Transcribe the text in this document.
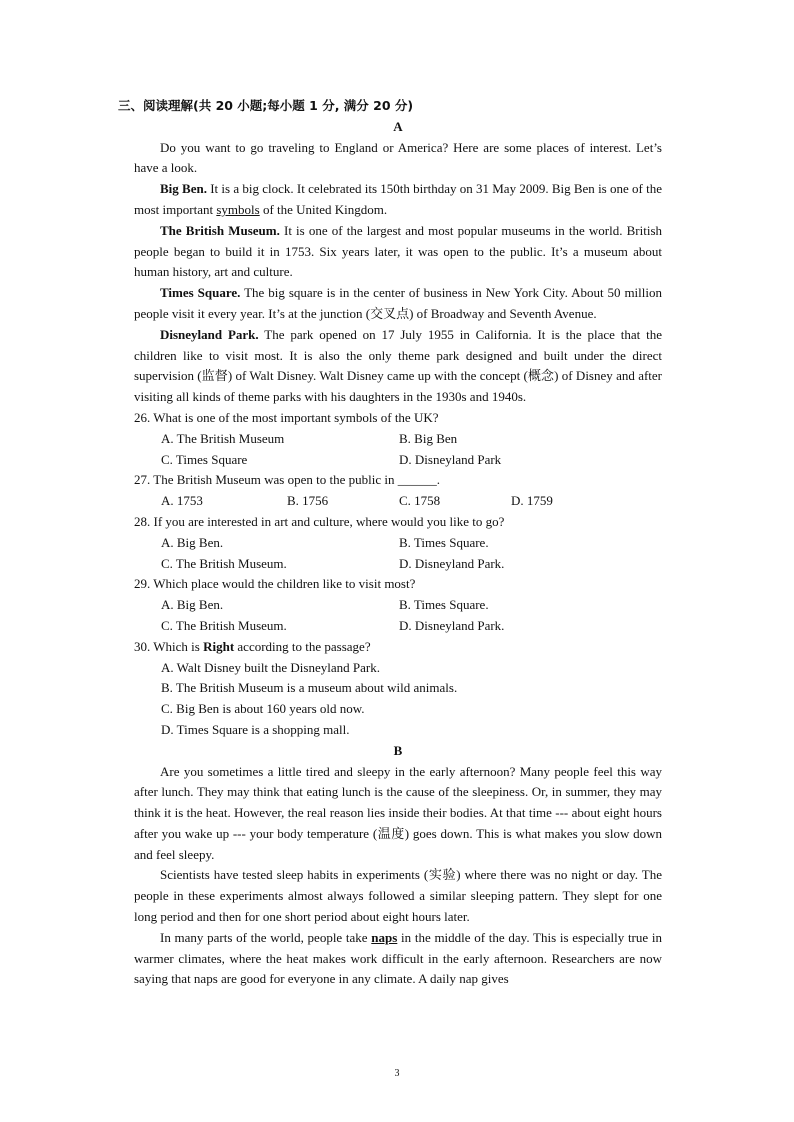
三、阅读理解(共 20 小题;每小题 1 分, 满分 20 分)
A

Do you want to go traveling to England or America? Here are some places of interest. Let’s have a look.

Big Ben. It is a big clock. It celebrated its 150th birthday on 31 May 2009. Big Ben is one of the most important symbols of the United Kingdom.

The British Museum. It is one of the largest and most popular museums in the world. British people began to build it in 1753. Six years later, it was open to the public. It’s a museum about human history, art and culture.

Times Square. The big square is in the center of business in New York City. About 50 million people visit it every year. It’s at the junction (交叉点) of Broadway and Seventh Avenue.

Disneyland Park. The park opened on 17 July 1955 in California. It is the place that the children like to visit most. It is also the only theme park designed and built under the direct supervision (监督) of Walt Disney. Walt Disney came up with the concept (概念) of Disney and after visiting all kinds of theme parks with his daughters in the 1930s and 1940s.

26. What is one of the most important symbols of the UK?
A. The British Museum	B. Big Ben
C. Times Square	D. Disneyland Park
27. The British Museum was open to the public in ______.
A. 1753	B. 1756	C. 1758	D. 1759
28. If you are interested in art and culture, where would you like to go?
A. Big Ben.	B. Times Square.
C. The British Museum.	D. Disneyland Park.
29. Which place would the children like to visit most?
A. Big Ben.	B. Times Square.
C. The British Museum.	D. Disneyland Park.
30. Which is Right according to the passage?
A. Walt Disney built the Disneyland Park.
B. The British Museum is a museum about wild animals.
C. Big Ben is about 160 years old now.
D. Times Square is a shopping mall.
B

Are you sometimes a little tired and sleepy in the early afternoon? Many people feel this way after lunch. They may think that eating lunch is the cause of the sleepiness. Or, in summer, they may think it is the heat. However, the real reason lies inside their bodies. At that time --- about eight hours after you wake up --- your body temperature (温度) goes down. This is what makes you slow down and feel sleepy.

Scientists have tested sleep habits in experiments (实验) where there was no night or day. The people in these experiments almost always followed a similar sleeping pattern. They slept for one long period and then for one short period about eight hours later.

In many parts of the world, people take naps in the middle of the day. This is especially true in warmer climates, where the heat makes work difficult in the early afternoon. Researchers are now saying that naps are good for everyone in any climate. A daily nap gives

3
